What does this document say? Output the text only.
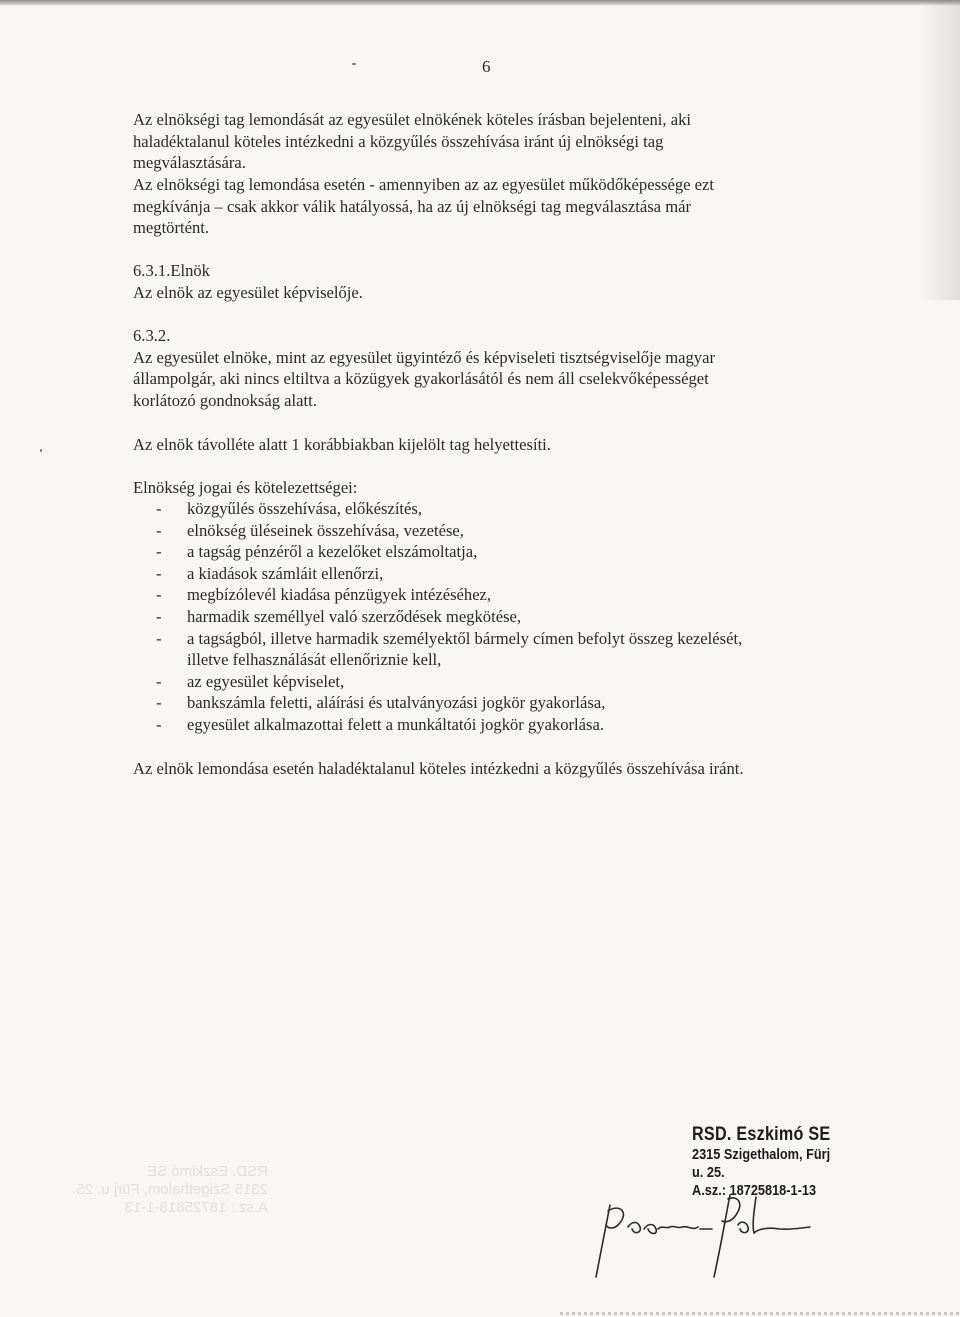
6
Az elnökségi tag lemondását az egyesület elnökének köteles írásban bejelenteni, aki
haladéktalanul köteles intézkedni a közgyűlés összehívása iránt új elnökségi tag
megválasztására.
Az elnökségi tag lemondása esetén - amennyiben az az egyesület működőképessége ezt
megkívánja – csak akkor válik hatályossá, ha az új elnökségi tag megválasztása már
megtörtént.
6.3.1.Elnök
Az elnök az egyesület képviselője.
6.3.2.
Az egyesület elnöke, mint az egyesület ügyintéző és képviseleti tisztségviselője magyar
állampolgár, aki nincs eltiltva a közügyek gyakorlásától és nem áll cselekvőképességet
korlátozó gondnokság alatt.
Az elnök távolléte alatt 1 korábbiakban kijelölt tag helyettesíti.
Elnökség jogai és kötelezettségei:
- közgyűlés összehívása, előkészítés,
- elnökség üléseinek összehívása, vezetése,
- a tagság pénzéről a kezelőket elszámoltatja,
- a kiadások számláit ellenőrzi,
- megbízólevél kiadása pénzügyek intézéséhez,
- harmadik személlyel való szerződések megkötése,
- a tagságból, illetve harmadik személyektől bármely címen befolyt összeg kezelését,
illetve felhasználását ellenőriznie kell,
- az egyesület képviselet,
- bankszámla feletti, aláírási és utalványozási jogkör gyakorlása,
- egyesület alkalmazottai felett a munkáltatói jogkör gyakorlása.
Az elnök lemondása esetén haladéktalanul köteles intézkedni a közgyűlés összehívása iránt.
RSD. Eszkimó SE
2315 Szigethalom, Fürj u. 25.
A.sz.: 18725818-1-13
RSD. Eszkimó SE
2315 Szigethalom, Fürj u. 25.
A.sz.: 18725818-1-13
